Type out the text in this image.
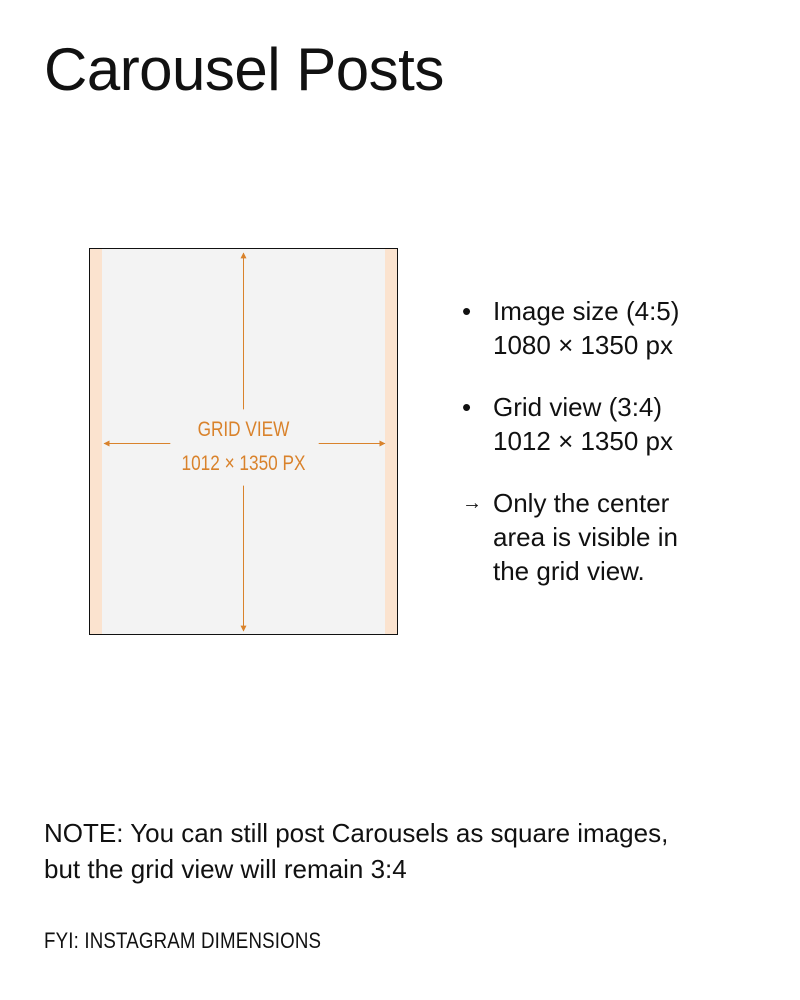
Carousel Posts
GRID VIEW
1012 × 1350 PX
• Image size (4:5)
1080 × 1350 px
• Grid view (3:4)
1012 × 1350 px
→ Only the center
area is visible in
the grid view.

NOTE: You can still post Carousels as square images,
but the grid view will remain 3:4

FYI: INSTAGRAM DIMENSIONS
